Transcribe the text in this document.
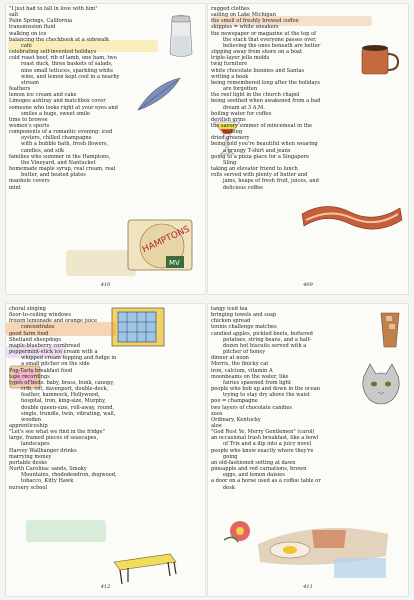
HAMPTONS
MV
"I just had to fall in love with him"
salt
Palm Springs, California
transmission fluid
walking on ice
balancing the checkbook at a sidewalk
café
celebrating self-invented holidays
cold roast beef, rib of lamb, one ham, two
roast duck, three baskets of salads,
nine small lettuces, sparkling white
wine, and lemon kept cool in a nearby
stream
feathers
lemon ice cream and cake
Limoges ashtray and matchbox cover
someone who looks right at your eyes and
smiles a huge, sweet smile
time to browse
women's sports
components of a romantic evening: iced
oysters, chilled champagne
with a bubble bath, fresh flowers,
candles, and silk
families who summer in the Hamptons,
the Vineyard, and Nantucket
homemade maple syrup, real cream, real
butter, and heated plates
manhole covers
mint
410
rugged clothes
sailing on Lake Michigan
the smell of freshly brewed coffee
skippies = white sneakers
the newspaper or magazine at the top of
the stack that everyone passes over,
believing the ones beneath are better
slipping away from shore on a boat
triple-layer jello molds
twig furniture
white chocolate bunnies and Santas
writing a book
being remembered long after the holidays
are forgotten
the reef light in the church chapel
being soothed when awakened from a bad
dream at 3 A.M.
boiling water for coffee
devilish grins
the savory simmer of mincemeat in the
making
dried greenery
being told you're beautiful when wearing
a grungy T-shirt and jeans
going to a pizza place for a Singapore
Sling
taking an elevator friend to lunch
rolls served with plenty of butter and
jams, heaps of fresh fruit, juices, and
delicious coffee
409
choral singing
floor-to-ceiling windows
frozen lemonade and orange juice
concentrates
good farm food
Shetland sheepdogs
maple-blueberry cornbread
peppermint-stick ice cream with a
whipped cream topping and fudge in
a small pitcher on the side
Pop-Tarts breakfast food
tape recordings
types of beds: baby, brass, bunk, canopy,
crib, cot, davenport, double-deck,
feather, hammock, Hollywood,
hospital, iron, king-size, Murphy,
double queen-size, roll-away, round,
single, trundle, twin, vibrating, wall,
wooden
apprenticeship
"Let's see what we find in the fridge"
large, framed pieces of seascapes,
landscapes
Harvey Wallbanger drinks
marrying money
portable desks
North Carolina: sands, Smoky
Mountains, rhododendron, dogwood,
tobacco, Kitty Hawk
nursery school
412
tangy iced tea
bringing towels and soap
chicken spread
tennis challenge matches
candied apples, pickled beets, buttered
potatoes, string beans, and a half-
dozen hot biscuits served with a
pitcher of honey
dinner at noon
Morris, the finicky cat
iron, calcium, vitamin A
moonbeams on the water, like
fairies spawned from light
people who bob up and down in the ocean
trying to stay dry above the waist
poo = champagne
two layers of chocolate candies
zoos
Ordinary, Kentucky
aloe
"God Rest Ye, Merry Gentlemen" (carol)
an occasional trash breakfast, like a bowl
of Trix and a dip into a juicy novel
people who know exactly where they're
going
an old-fashioned setting at dawn
pineapple and red carnations, brown
eggs, and lemon daisies
a door on a horse used as a coffee table or
desk
411
